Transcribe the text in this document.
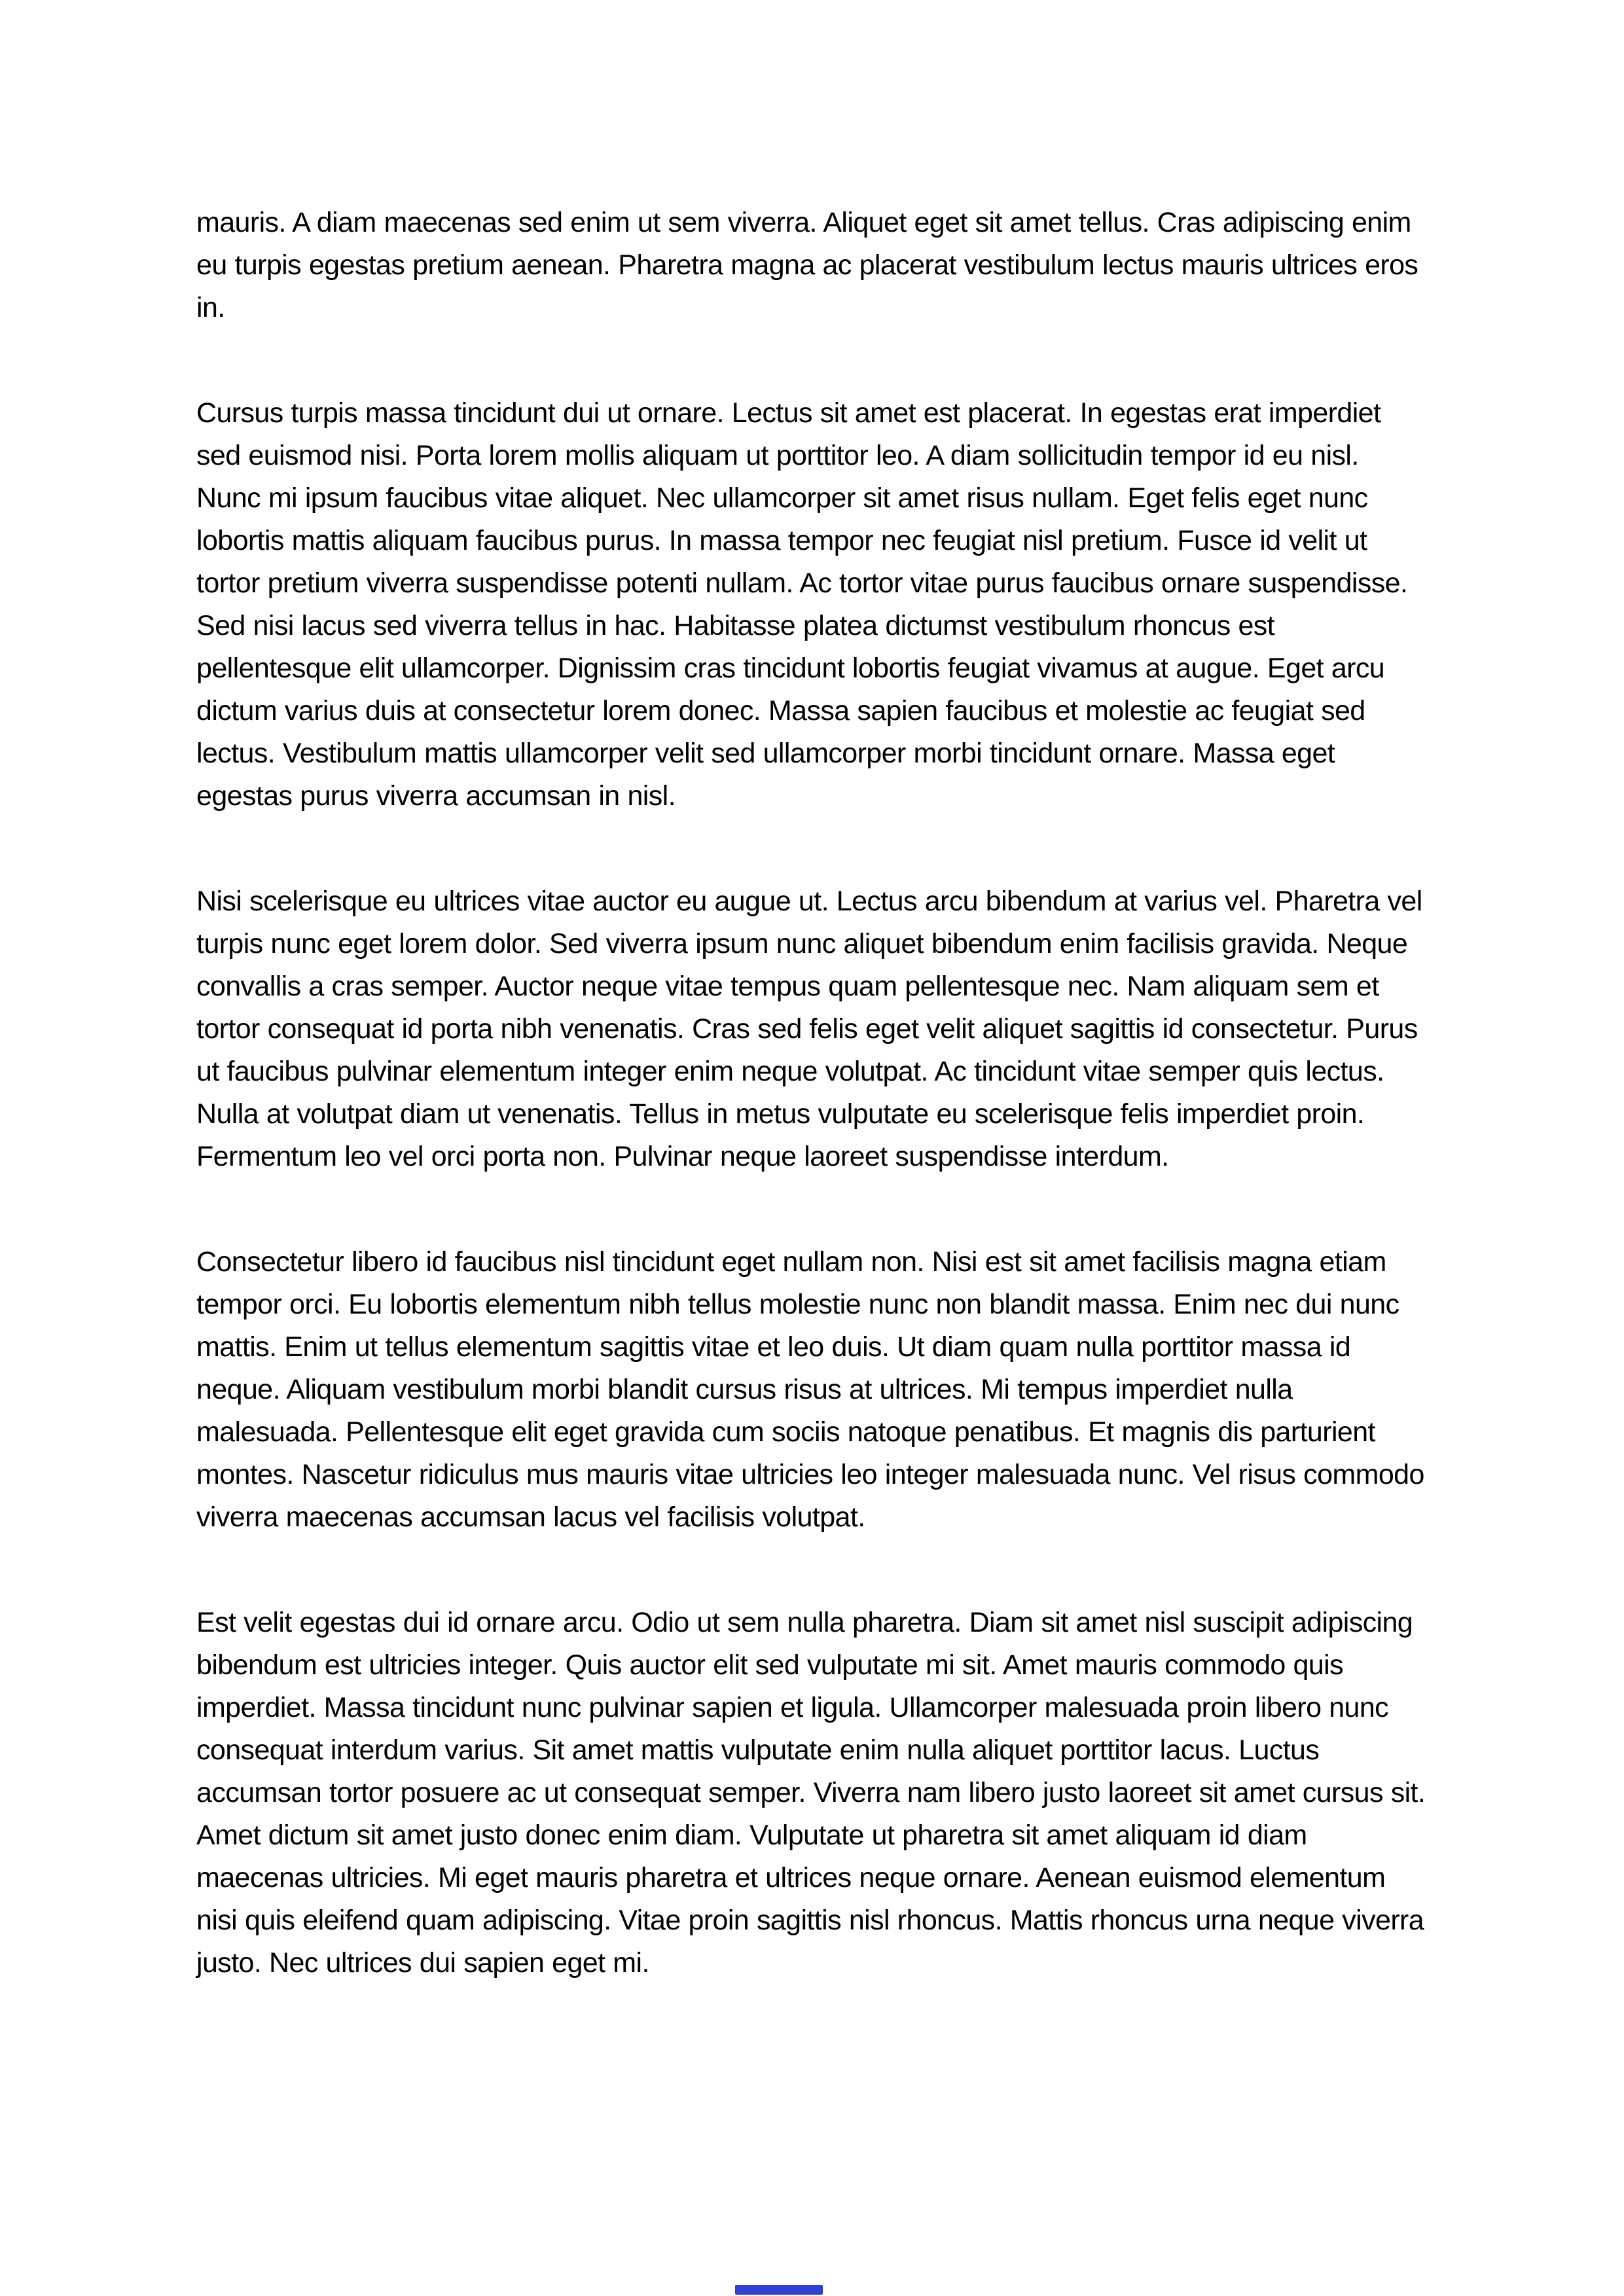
mauris. A diam maecenas sed enim ut sem viverra. Aliquet eget sit amet tellus. Cras adipiscing enim eu turpis egestas pretium aenean. Pharetra magna ac placerat vestibulum lectus mauris ultrices eros in.

Cursus turpis massa tincidunt dui ut ornare. Lectus sit amet est placerat. In egestas erat imperdiet sed euismod nisi. Porta lorem mollis aliquam ut porttitor leo. A diam sollicitudin tempor id eu nisl. Nunc mi ipsum faucibus vitae aliquet. Nec ullamcorper sit amet risus nullam. Eget felis eget nunc lobortis mattis aliquam faucibus purus. In massa tempor nec feugiat nisl pretium. Fusce id velit ut tortor pretium viverra suspendisse potenti nullam. Ac tortor vitae purus faucibus ornare suspendisse. Sed nisi lacus sed viverra tellus in hac. Habitasse platea dictumst vestibulum rhoncus est pellentesque elit ullamcorper. Dignissim cras tincidunt lobortis feugiat vivamus at augue. Eget arcu dictum varius duis at consectetur lorem donec. Massa sapien faucibus et molestie ac feugiat sed lectus. Vestibulum mattis ullamcorper velit sed ullamcorper morbi tincidunt ornare. Massa eget egestas purus viverra accumsan in nisl.

Nisi scelerisque eu ultrices vitae auctor eu augue ut. Lectus arcu bibendum at varius vel. Pharetra vel turpis nunc eget lorem dolor. Sed viverra ipsum nunc aliquet bibendum enim facilisis gravida. Neque convallis a cras semper. Auctor neque vitae tempus quam pellentesque nec. Nam aliquam sem et tortor consequat id porta nibh venenatis. Cras sed felis eget velit aliquet sagittis id consectetur. Purus ut faucibus pulvinar elementum integer enim neque volutpat. Ac tincidunt vitae semper quis lectus. Nulla at volutpat diam ut venenatis. Tellus in metus vulputate eu scelerisque felis imperdiet proin. Fermentum leo vel orci porta non. Pulvinar neque laoreet suspendisse interdum.

Consectetur libero id faucibus nisl tincidunt eget nullam non. Nisi est sit amet facilisis magna etiam tempor orci. Eu lobortis elementum nibh tellus molestie nunc non blandit massa. Enim nec dui nunc mattis. Enim ut tellus elementum sagittis vitae et leo duis. Ut diam quam nulla porttitor massa id neque. Aliquam vestibulum morbi blandit cursus risus at ultrices. Mi tempus imperdiet nulla malesuada. Pellentesque elit eget gravida cum sociis natoque penatibus. Et magnis dis parturient montes. Nascetur ridiculus mus mauris vitae ultricies leo integer malesuada nunc. Vel risus commodo viverra maecenas accumsan lacus vel facilisis volutpat.

Est velit egestas dui id ornare arcu. Odio ut sem nulla pharetra. Diam sit amet nisl suscipit adipiscing bibendum est ultricies integer. Quis auctor elit sed vulputate mi sit. Amet mauris commodo quis imperdiet. Massa tincidunt nunc pulvinar sapien et ligula. Ullamcorper malesuada proin libero nunc consequat interdum varius. Sit amet mattis vulputate enim nulla aliquet porttitor lacus. Luctus accumsan tortor posuere ac ut consequat semper. Viverra nam libero justo laoreet sit amet cursus sit. Amet dictum sit amet justo donec enim diam. Vulputate ut pharetra sit amet aliquam id diam maecenas ultricies. Mi eget mauris pharetra et ultrices neque ornare. Aenean euismod elementum nisi quis eleifend quam adipiscing. Vitae proin sagittis nisl rhoncus. Mattis rhoncus urna neque viverra justo. Nec ultrices dui sapien eget mi.
